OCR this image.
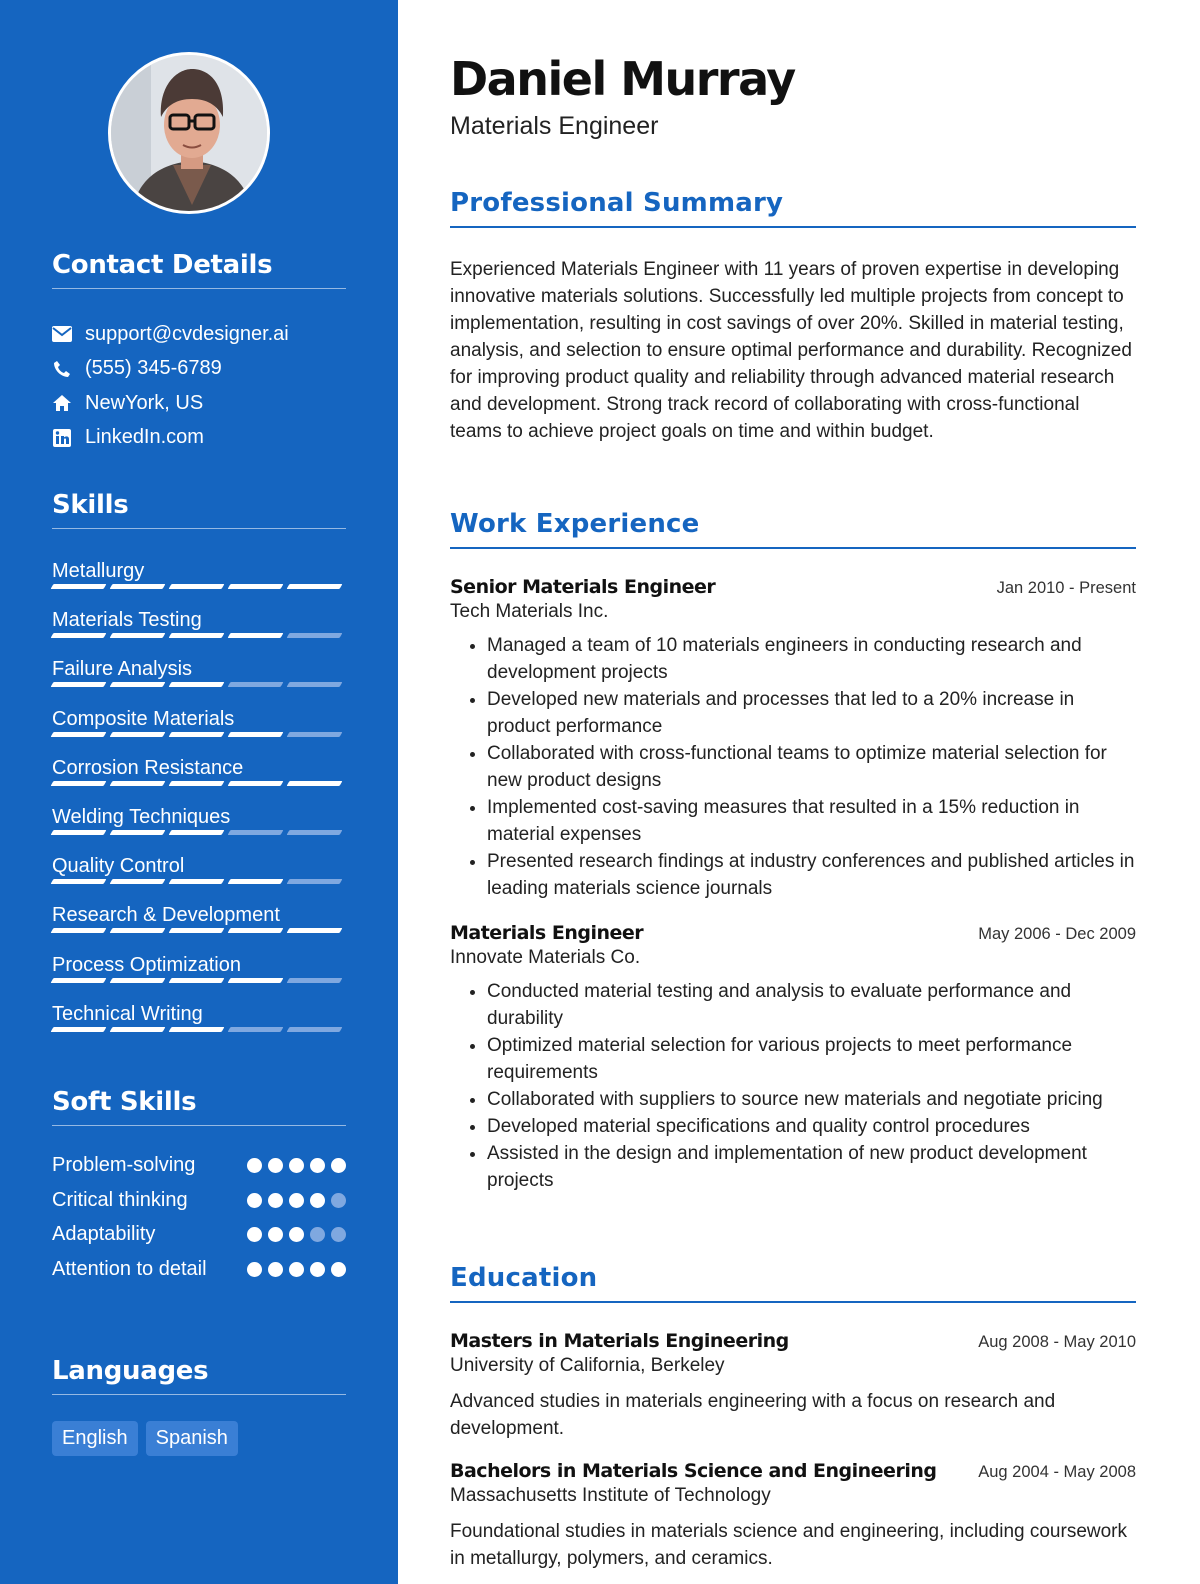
Contact Details
support@cvdesigner.ai
(555) 345-6789
NewYork, US
LinkedIn.com
Skills
Metallurgy
Materials Testing
Failure Analysis
Composite Materials
Corrosion Resistance
Welding Techniques
Quality Control
Research & Development
Process Optimization
Technical Writing
Soft Skills
Problem-solving
Critical thinking
Adaptability
Attention to detail
Languages
English	Spanish
Daniel Murray
Materials Engineer
Professional Summary
Experienced Materials Engineer with 11 years of proven expertise in developing innovative materials solutions. Successfully led multiple projects from concept to implementation, resulting in cost savings of over 20%. Skilled in material testing, analysis, and selection to ensure optimal performance and durability. Recognized for improving product quality and reliability through advanced material research and development. Strong track record of collaborating with cross-functional teams to achieve project goals on time and within budget.
Work Experience
Senior Materials Engineer	Jan 2010 - Present
Tech Materials Inc.
• Managed a team of 10 materials engineers in conducting research and development projects
• Developed new materials and processes that led to a 20% increase in product performance
• Collaborated with cross-functional teams to optimize material selection for new product designs
• Implemented cost-saving measures that resulted in a 15% reduction in material expenses
• Presented research findings at industry conferences and published articles in leading materials science journals
Materials Engineer	May 2006 - Dec 2009
Innovate Materials Co.
• Conducted material testing and analysis to evaluate performance and durability
• Optimized material selection for various projects to meet performance requirements
• Collaborated with suppliers to source new materials and negotiate pricing
• Developed material specifications and quality control procedures
• Assisted in the design and implementation of new product development projects
Education
Masters in Materials Engineering	Aug 2008 - May 2010
University of California, Berkeley
Advanced studies in materials engineering with a focus on research and development.
Bachelors in Materials Science and Engineering	Aug 2004 - May 2008
Massachusetts Institute of Technology
Foundational studies in materials science and engineering, including coursework in metallurgy, polymers, and ceramics.
